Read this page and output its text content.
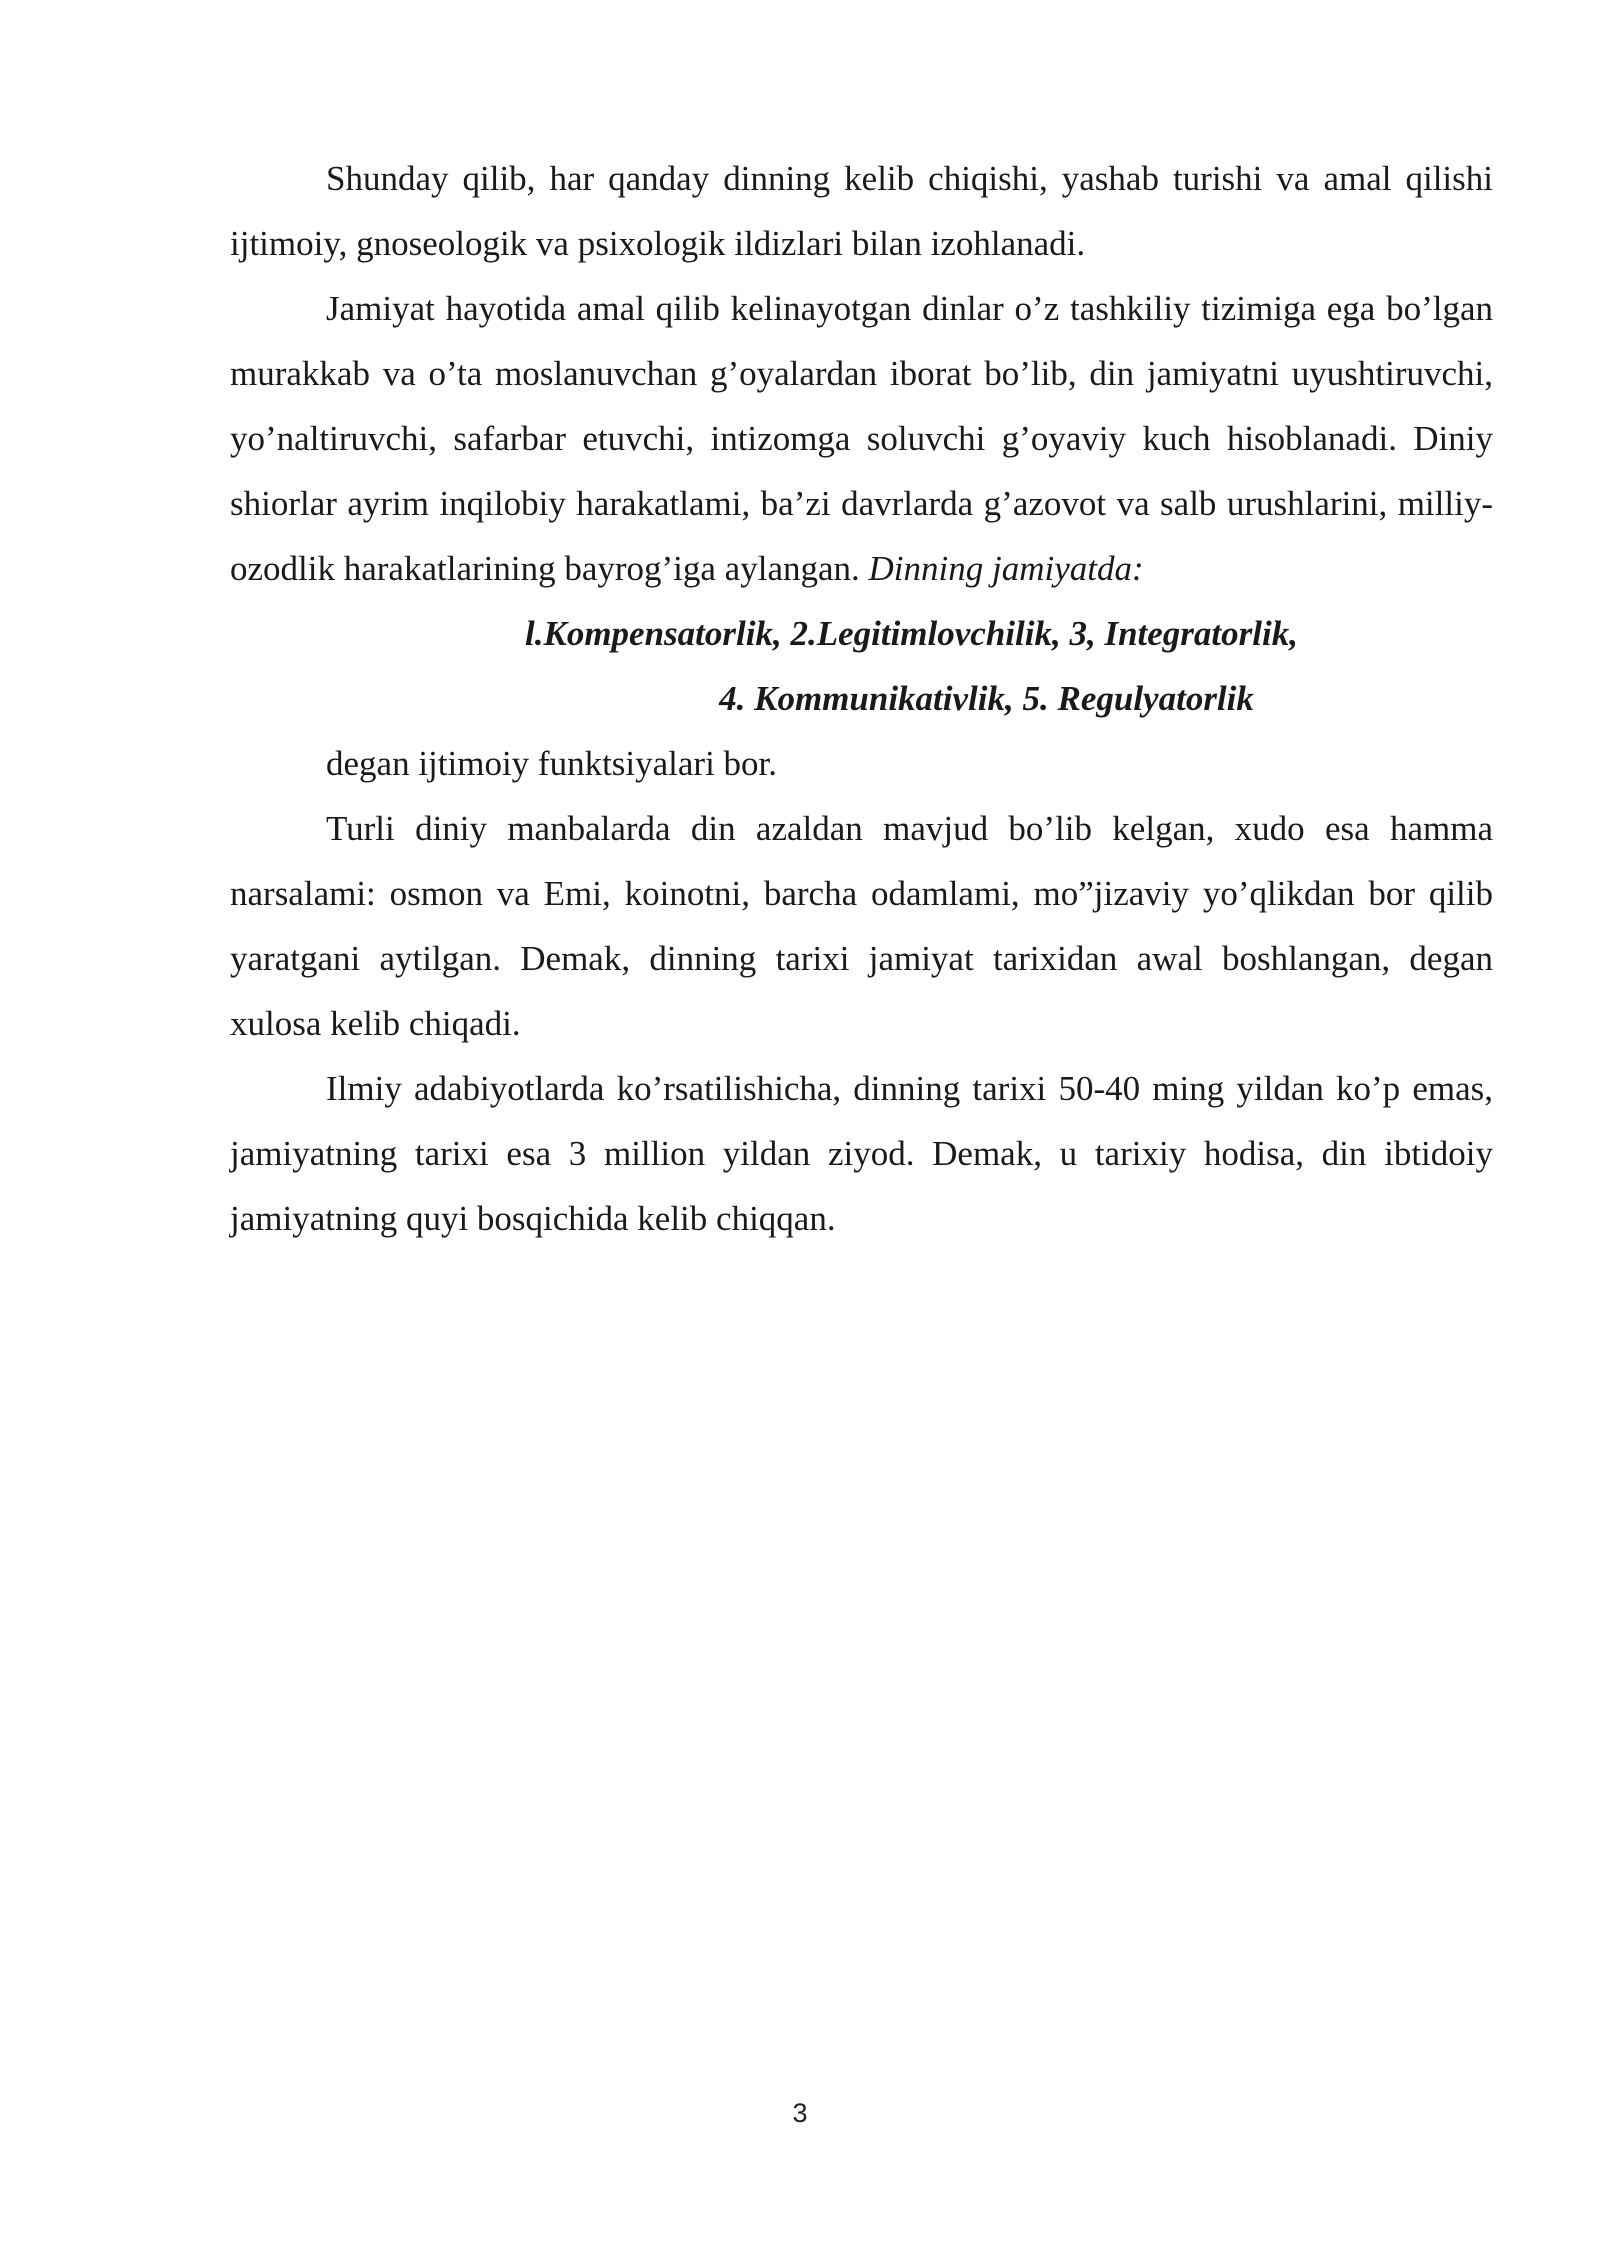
Shunday qilib, har qanday dinning kelib chiqishi, yashab turishi va amal qilishi ijtimoiy, gnoseologik va psixologik ildizlari bilan izohlanadi.

Jamiyat hayotida amal qilib kelinayotgan dinlar o’z tashkiliy tizimiga ega bo’lgan murakkab va o’ta moslanuvchan g’oyalardan iborat bo’lib, din jamiyatni uyushtiruvchi, yo’naltiruvchi, safarbar etuvchi, intizomga soluvchi g’oyaviy kuch hisoblanadi. Diniy shiorlar ayrim inqilobiy harakatlami, ba’zi davrlarda g’azovot va salb urushlarini, milliy-ozodlik harakatlarining bayrog’iga aylangan. Dinning jamiyatda:

l.Kompensatorlik, 2.Legitimlovchilik, 3, Integratorlik,

4. Kommunikativlik, 5. Regulyatorlik

degan ijtimoiy funktsiyalari bor.

Turli diniy manbalarda din azaldan mavjud bo’lib kelgan, xudo esa hamma narsalami: osmon va Emi, koinotni, barcha odamlami, mo”jizaviy yo’qlikdan bor qilib yaratgani aytilgan. Demak, dinning tarixi jamiyat tarixidan awal boshlangan, degan xulosa kelib chiqadi.

Ilmiy adabiyotlarda ko’rsatilishicha, dinning tarixi 50-40 ming yildan ko’p emas, jamiyatning tarixi esa 3 million yildan ziyod. Demak, u tarixiy hodisa, din ibtidoiy jamiyatning quyi bosqichida kelib chiqqan.

3
